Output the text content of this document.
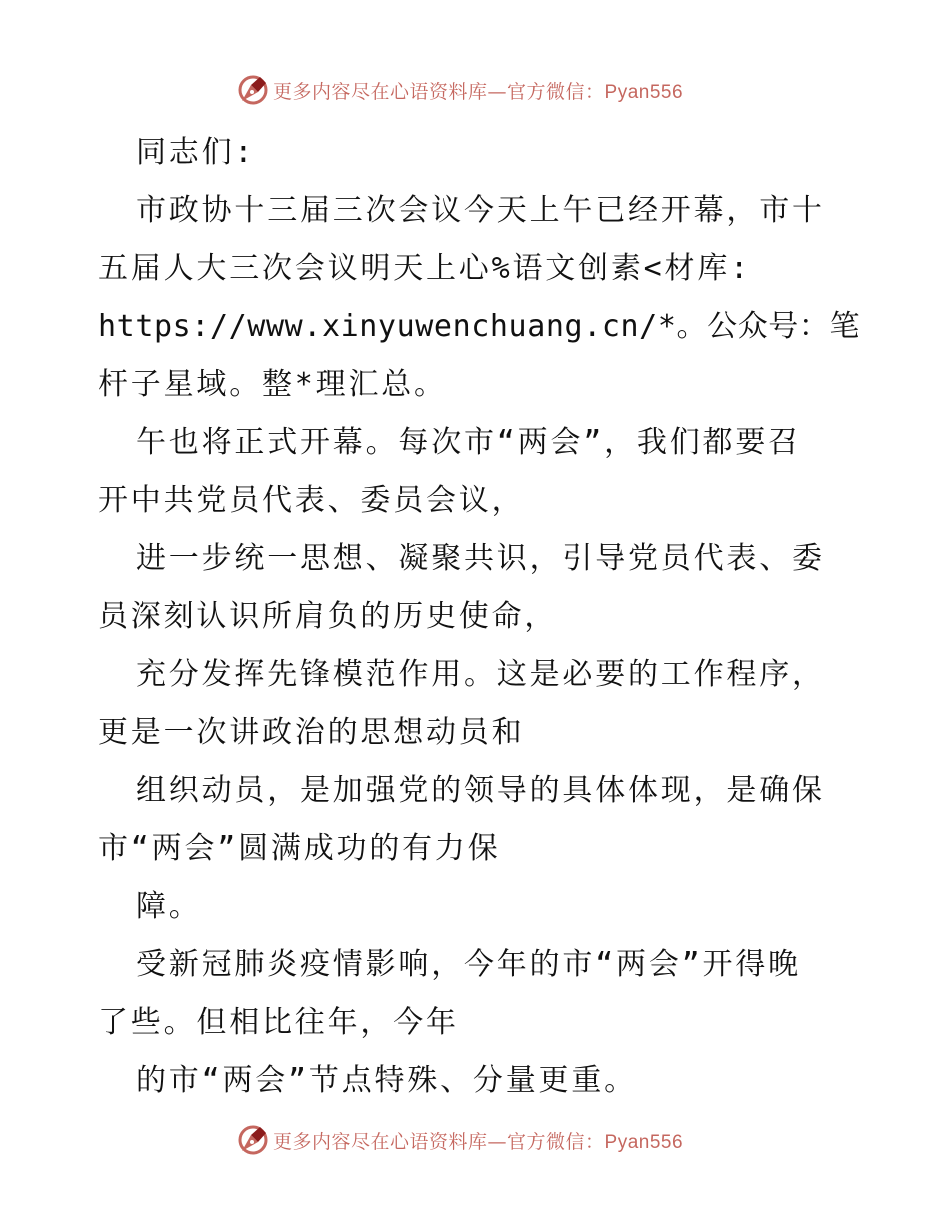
更多内容尽在心语资料库—官方微信：Pyan556

同志们:

市政协十三届三次会议今天上午已经开幕，市十

五届人大三次会议明天上心%语文创素<材库:

https://www.xinyuwenchuang.cn/*。公众号：笔

杆子星域。整*理汇总。

午也将正式开幕。每次市“两会”，我们都要召

开中共党员代表、委员会议，

进一步统一思想、凝聚共识，引导党员代表、委

员深刻认识所肩负的历史使命，

充分发挥先锋模范作用。这是必要的工作程序，

更是一次讲政治的思想动员和

组织动员，是加强党的领导的具体体现，是确保

市“两会”圆满成功的有力保

障。

受新冠肺炎疫情影响，今年的市“两会”开得晚

了些。但相比往年，今年

的市“两会”节点特殊、分量更重。

更多内容尽在心语资料库—官方微信：Pyan556
